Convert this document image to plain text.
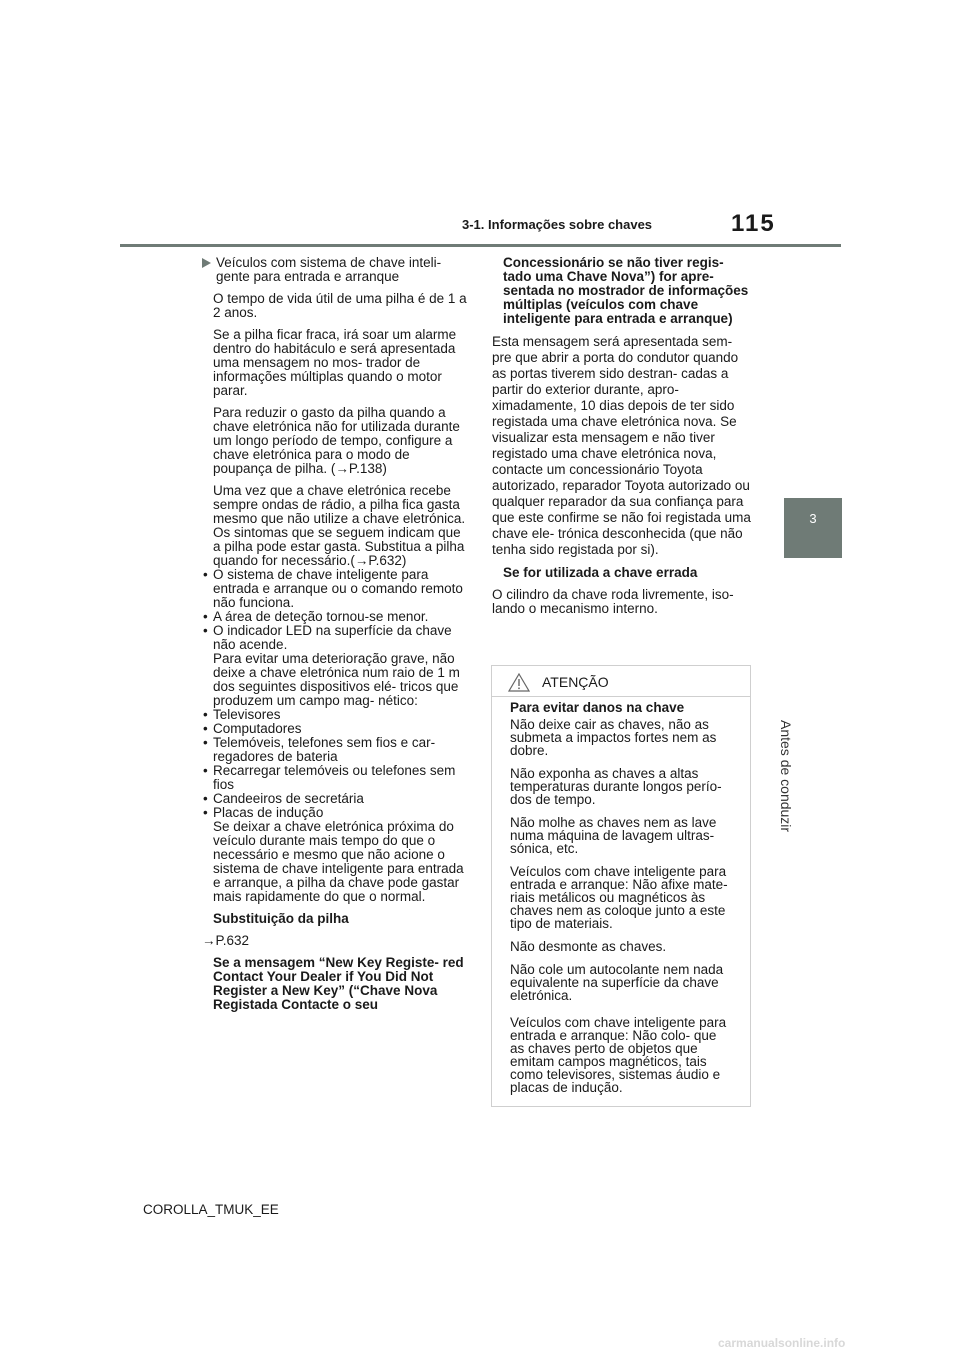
3-1. Informações sobre chaves	115
3
Antes de conduzir
Veículos com sistema de chave inteli- gente para entrada e arranque
O tempo de vida útil de uma pilha é de 1 a 2 anos.
Se a pilha ficar fraca, irá soar um alarme dentro do habitáculo e será apresentada uma mensagem no mos- trador de informações múltiplas quando o motor parar.
Para reduzir o gasto da pilha quando a chave eletrónica não for utilizada durante um longo período de tempo, configure a chave eletrónica para o modo de poupança de pilha. (→P.138)
Uma vez que a chave eletrónica recebe sempre ondas de rádio, a pilha fica gasta mesmo que não utilize a chave eletrónica. Os sintomas que se seguem indicam que a pilha pode estar gasta. Substitua a pilha quando for necessário.(→P.632)
• O sistema de chave inteligente para entrada e arranque ou o comando remoto não funciona.
• A área de deteção tornou-se menor.
• O indicador LED na superfície da chave não acende.
Para evitar uma deterioração grave, não deixe a chave eletrónica num raio de 1 m dos seguintes dispositivos elé- tricos que produzem um campo mag- nético:
• Televisores
• Computadores
• Telemóveis, telefones sem fios e car- regadores de bateria
• Recarregar telemóveis ou telefones sem fios
• Candeeiros de secretária
• Placas de indução
Se deixar a chave eletrónica próxima do veículo durante mais tempo do que o necessário e mesmo que não acione o sistema de chave inteligente para entrada e arranque, a pilha da chave pode gastar mais rapidamente do que o normal.
Substituição da pilha
→P.632
Se a mensagem “New Key Registe- red Contact Your Dealer if You Did Not Register a New Key” (“Chave Nova Registada Contacte o seu
Concessionário se não tiver regis- tado uma Chave Nova”) for apre- sentada no mostrador de informações múltiplas (veículos com chave inteligente para entrada e arranque)
Esta mensagem será apresentada sem- pre que abrir a porta do condutor quando as portas tiverem sido destran- cadas a partir do exterior durante, apro- ximadamente, 10 dias depois de ter sido registada uma chave eletrónica nova. Se visualizar esta mensagem e não tiver registado uma chave eletrónica nova, contacte um concessionário Toyota autorizado, reparador Toyota autorizado ou qualquer reparador da sua confiança para que este confirme se não foi registada uma chave ele- trónica desconhecida (que não tenha sido registada por si).
Se for utilizada a chave errada
O cilindro da chave roda livremente, iso- lando o mecanismo interno.
ATENÇÃO
Para evitar danos na chave
Não deixe cair as chaves, não as submeta a impactos fortes nem as dobre.
Não exponha as chaves a altas temperaturas durante longos perío- dos de tempo.
Não molhe as chaves nem as lave numa máquina de lavagem ultras- sónica, etc.
Veículos com chave inteligente para entrada e arranque: Não afixe mate- riais metálicos ou magnéticos às chaves nem as coloque junto a este tipo de materiais.
Não desmonte as chaves.
Não cole um autocolante nem nada equivalente na superfície da chave eletrónica.
Veículos com chave inteligente para entrada e arranque: Não colo- que as chaves perto de objetos que emitam campos magnéticos, tais como televisores, sistemas áudio e placas de indução.
COROLLA_TMUK_EE
carmanualsonline.info
